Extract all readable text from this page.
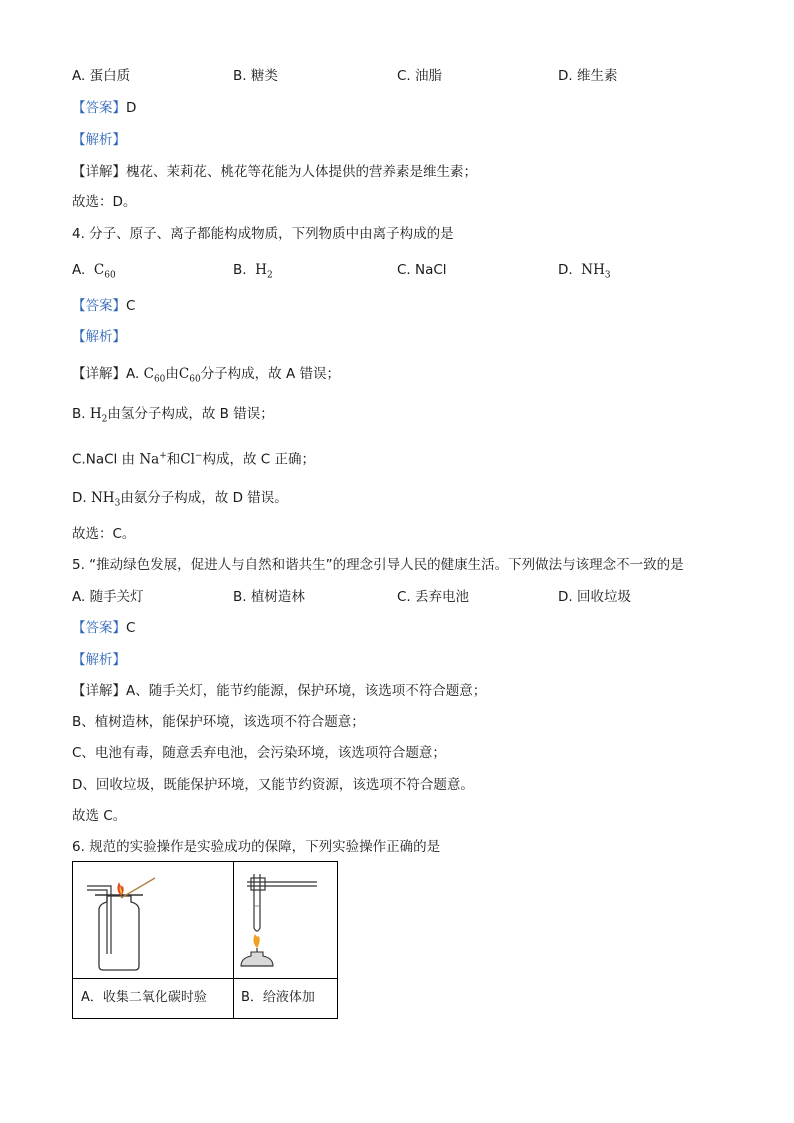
A. 蛋白质	B. 糖类	C. 油脂	D. 维生素
【答案】D
【解析】
【详解】槐花、茉莉花、桃花等花能为人体提供的营养素是维生素；
故选：D。
4. 分子、原子、离子都能构成物质，下列物质中由离子构成的是
A. $C_{60}$	B. $H_2$	C. NaCl	D. $NH_3$
【答案】C
【解析】
【详解】A. $C_{60}$由$C_{60}$分子构成，故 A 错误；
B. $H_2$由氢分子构成，故 B 错误；
C.NaCl 由 Na+和Cl−构成，故 C 正确；
D. $NH_3$由氨分子构成，故 D 错误。
故选：C。
5. “推动绿色发展，促进人与自然和谐共生”的理念引导人民的健康生活。下列做法与该理念不一致的是
A. 随手关灯	B. 植树造林	C. 丢弃电池	D. 回收垃圾
【答案】C
【解析】
【详解】A、随手关灯，能节约能源，保护环境，该选项不符合题意；
B、植树造林，能保护环境，该选项不符合题意；
C、电池有毒，随意丢弃电池，会污染环境，该选项符合题意；
D、回收垃圾，既能保护环境，又能节约资源，该选项不符合题意。
故选 C。
6. 规范的实验操作是实验成功的保障，下列实验操作正确的是
A．收集二氧化碳时验	B．给液体加
